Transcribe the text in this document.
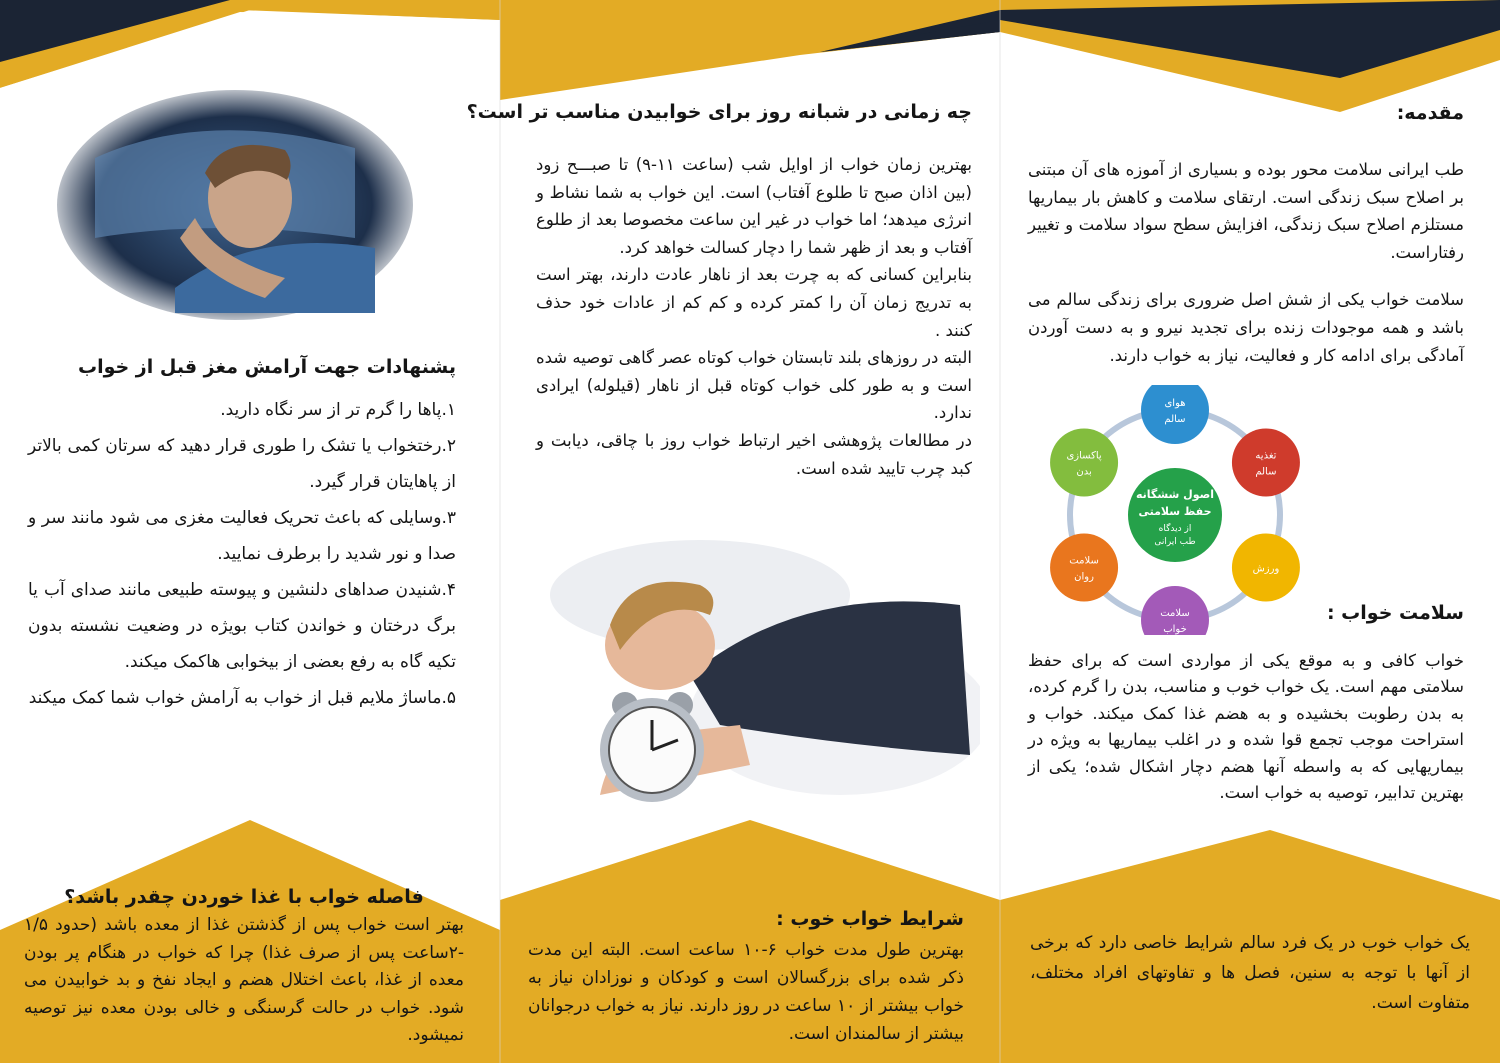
مقدمه:

طب ایرانی سلامت محور بوده و بسیاری از آموزه های آن مبتنی بر اصلاح سبک زندگی است. ارتقای سلامت و کاهش بار بیماریها مستلزم اصلاح سبک زندگی، افزایش سطح سواد سلامت و تغییر رفتاراست.

سلامت خواب یکی از شش اصل ضروری برای زندگی سالم می باشد و همه موجودات زنده برای تجدید نیرو و به دست آوردن آمادگی برای ادامه کار و فعالیت، نیاز به خواب دارند.

اصول ششگانه
حفظ سلامتی
از دیدگاه
طب ایرانی
هوای
سالم
تغذیه
سالم
ورزش
سلامت
خواب
سلامت
روان
پاکسازی
بدن

سلامت خواب :

خواب کافی و به موقع یکی از مواردی است که برای حفظ سلامتی مهم است. یک خواب خوب و مناسب، بدن را گرم کرده، به بدن رطوبت بخشیده و به هضم غذا کمک میکند. خواب و استراحت موجب تجمع قوا شده و در اغلب بیماریها به ویژه در بیماریهایی که به واسطه آنها هضم دچار اشکال شده؛ یکی از بهترین تدابیر، توصیه به خواب است.

یک خواب خوب در یک فرد سالم شرایط خاصی دارد که برخی از آنها با توجه به سنین، فصل ها و تفاوتهای افراد مختلف، متفاوت است.

چه زمانی در شبانه روز برای خوابیدن مناسب تر است؟

بهترین زمان خواب از اوایل شب (ساعت ۱۱-۹) تا صبـــح زود (بین اذان صبح تا طلوع آفتاب) است. این خواب به شما نشاط و انرژی میدهد؛ اما خواب در غیر این ساعت مخصوصا بعد از طلوع آفتاب و بعد از ظهر شما را دچار کسالت خواهد کرد.

بنابراین کسانی که به چرت بعد از ناهار عادت دارند، بهتر است به تدریج زمان آن را کمتر کرده و کم کم از عادات خود حذف کنند .

البته در روزهای بلند تابستان خواب کوتاه عصر گاهی توصیه شده است و به طور کلی خواب کوتاه قبل از ناهار (قیلوله) ایرادی ندارد.

در مطالعات پژوهشی اخیر ارتباط خواب روز با چاقی، دیابت و کبد چرب تایید شده است.

شرایط خواب خوب :

بهترین طول مدت خواب ۶-۱۰ ساعت است. البته این مدت ذکر شده برای بزرگسالان است و کودکان و نوزادان نیاز به خواب بیشتر از ۱۰ ساعت در روز دارند. نیاز به خواب درجوانان بیشتر از سالمندان است.

پشنهادات جهت آرامش مغز قبل از خواب

۱.پاها را گرم تر از سر نگاه دارید.

۲.رختخواب یا تشک را طوری قرار دهید که سرتان کمی بالاتر از پاهایتان قرار گیرد.

۳.وسایلی که باعث تحریک فعالیت مغزی می شود مانند سر و صدا و نور شدید را برطرف نمایید.

۴.شنیدن صداهای دلنشین و پیوسته طبیعی مانند صدای آب یا برگ درختان و خواندن کتاب بویژه در وضعیت نشسته بدون تکیه گاه به رفع بعضی از بیخوابی هاکمک میکند.

۵.ماساژ ملایم قبل از خواب به آرامش خواب شما کمک میکند

فاصله خواب با غذا خوردن چقدر باشد؟

بهتر است خواب پس از گذشتن غذا از معده باشد (حدود ۱/۵ -۲ساعت پس از صرف غذا) چرا که خواب در هنگام پر بودن معده از غذا، باعث اختلال هضم و ایجاد نفخ و بد خوابیدن می شود. خواب در حالت گرسنگی و خالی بودن معده نیز توصیه نمیشود.
